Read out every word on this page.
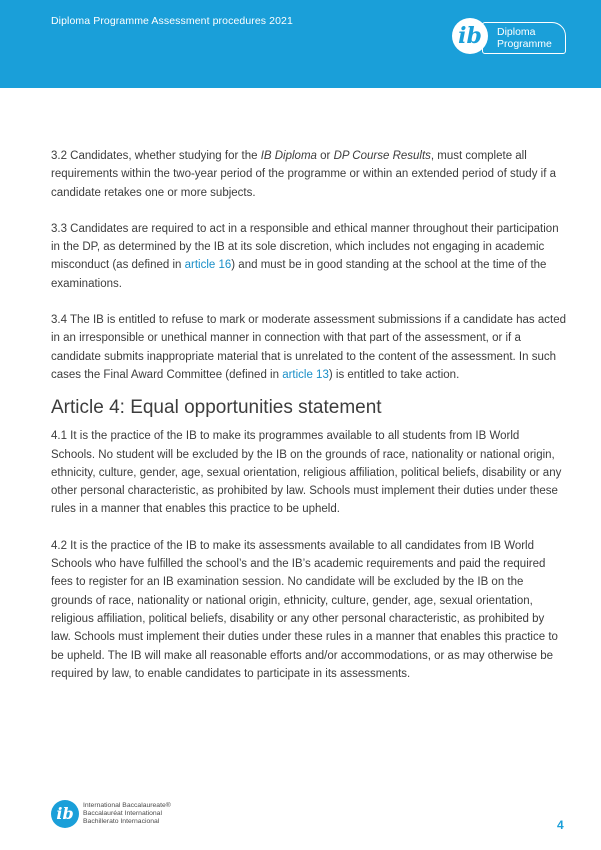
Diploma Programme Assessment procedures 2021
Diploma
Programme
ib

3.2 Candidates, whether studying for the IB Diploma or DP Course Results, must complete all requirements within the two-year period of the programme or within an extended period of study if a candidate retakes one or more subjects.

3.3 Candidates are required to act in a responsible and ethical manner throughout their participation in the DP, as determined by the IB at its sole discretion, which includes not engaging in academic misconduct (as defined in article 16) and must be in good standing at the school at the time of the examinations.

3.4 The IB is entitled to refuse to mark or moderate assessment submissions if a candidate has acted in an irresponsible or unethical manner in connection with that part of the assessment, or if a candidate submits inappropriate material that is unrelated to the content of the assessment. In such cases the Final Award Committee (defined in article 13) is entitled to take action.

Article 4: Equal opportunities statement

4.1 It is the practice of the IB to make its programmes available to all students from IB World Schools. No student will be excluded by the IB on the grounds of race, nationality or national origin, ethnicity, culture, gender, age, sexual orientation, religious affiliation, political beliefs, disability or any other personal characteristic, as prohibited by law. Schools must implement their duties under these rules in a manner that enables this practice to be upheld.

4.2 It is the practice of the IB to make its assessments available to all candidates from IB World Schools who have fulfilled the school’s and the IB’s academic requirements and paid the required fees to register for an IB examination session. No candidate will be excluded by the IB on the grounds of race, nationality or national origin, ethnicity, culture, gender, age, sexual orientation, religious affiliation, political beliefs, disability or any other personal characteristic, as prohibited by law. Schools must implement their duties under these rules in a manner that enables this practice to be upheld. The IB will make all reasonable efforts and/or accommodations, or as may otherwise be required by law, to enable candidates to participate in its assessments.

ib	International Baccalaureate®
Baccalauréat International
Bachillerato Internacional	4
